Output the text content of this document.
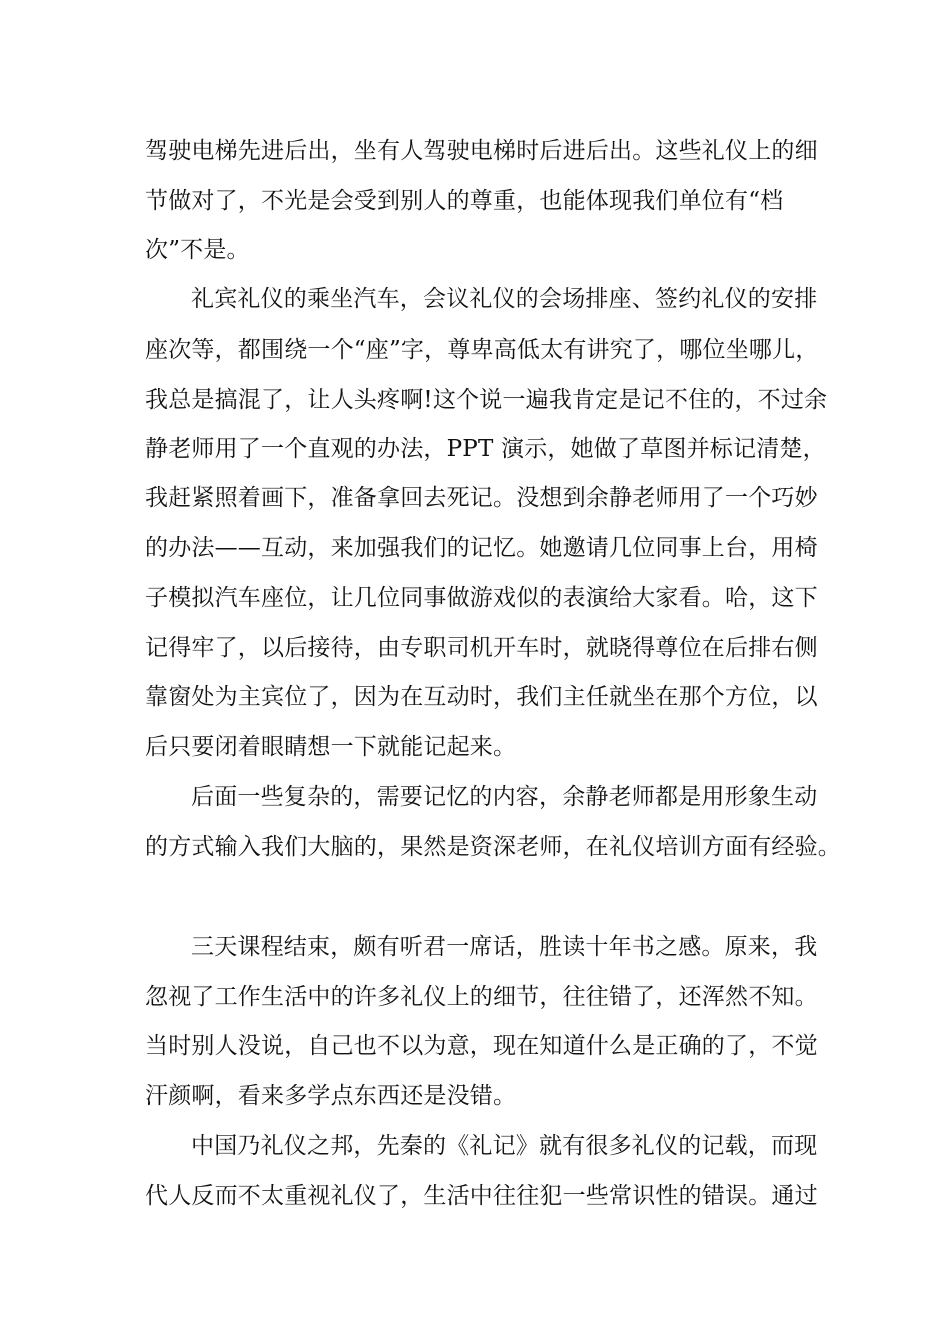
驾驶电梯先进后出，坐有人驾驶电梯时后进后出。这些礼仪上的细
节做对了，不光是会受到别人的尊重，也能体现我们单位有“档
次”不是。
礼宾礼仪的乘坐汽车，会议礼仪的会场排座、签约礼仪的安排
座次等，都围绕一个“座”字，尊卑高低太有讲究了，哪位坐哪儿，
我总是搞混了，让人头疼啊!这个说一遍我肯定是记不住的，不过余
静老师用了一个直观的办法，PPT 演示，她做了草图并标记清楚，
我赶紧照着画下，准备拿回去死记。没想到余静老师用了一个巧妙
的办法——互动，来加强我们的记忆。她邀请几位同事上台，用椅
子模拟汽车座位，让几位同事做游戏似的表演给大家看。哈，这下
记得牢了，以后接待，由专职司机开车时，就晓得尊位在后排右侧
靠窗处为主宾位了，因为在互动时，我们主任就坐在那个方位，以
后只要闭着眼睛想一下就能记起来。
后面一些复杂的，需要记忆的内容，余静老师都是用形象生动
的方式输入我们大脑的，果然是资深老师，在礼仪培训方面有经验。
三天课程结束，颇有听君一席话，胜读十年书之感。原来，我
忽视了工作生活中的许多礼仪上的细节，往往错了，还浑然不知。
当时别人没说，自己也不以为意，现在知道什么是正确的了，不觉
汗颜啊，看来多学点东西还是没错。
中国乃礼仪之邦，先秦的《礼记》就有很多礼仪的记载，而现
代人反而不太重视礼仪了，生活中往往犯一些常识性的错误。通过
